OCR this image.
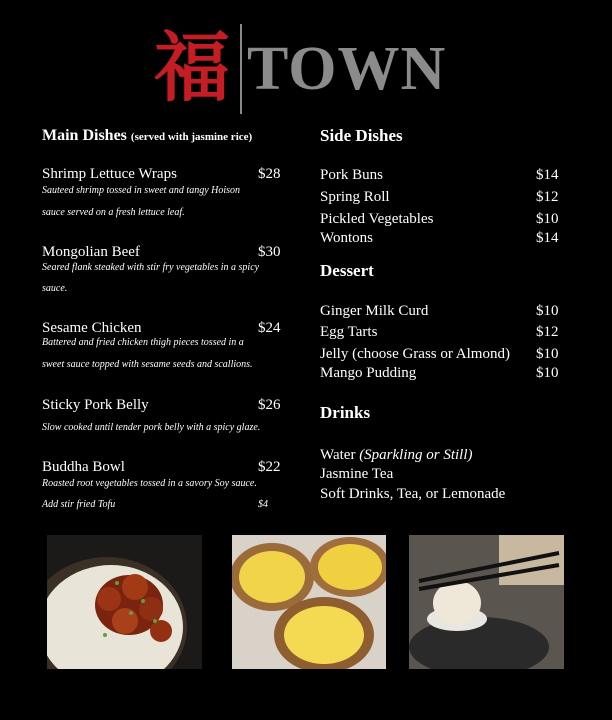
福 TOWN
Main Dishes (served with jasmine rice)
Shrimp Lettuce Wraps	$28
Sauteed shrimp tossed in sweet and tangy Hoison
sauce served on a fresh lettuce leaf.
Mongolian Beef	$30
Seared flank steaked with stir fry vegetables in a spicy
sauce.
Sesame Chicken	$24
Battered and fried chicken thigh pieces tossed in a
sweet sauce topped with sesame seeds and scallions.
Sticky Pork Belly	$26
Slow cooked until tender pork belly with a spicy glaze.
Buddha Bowl	$22
Roasted root vegetables tossed in a savory Soy sauce.
Add stir fried Tofu	$4
Side Dishes
Pork Buns	$14
Spring Roll	$12
Pickled Vegetables	$10
Wontons	$14
Dessert
Ginger Milk Curd	$10
Egg Tarts	$12
Jelly (choose Grass or Almond) $10
Mango Pudding	$10
Drinks
Water (Sparkling or Still)
Jasmine Tea
Soft Drinks, Tea, or Lemonade
